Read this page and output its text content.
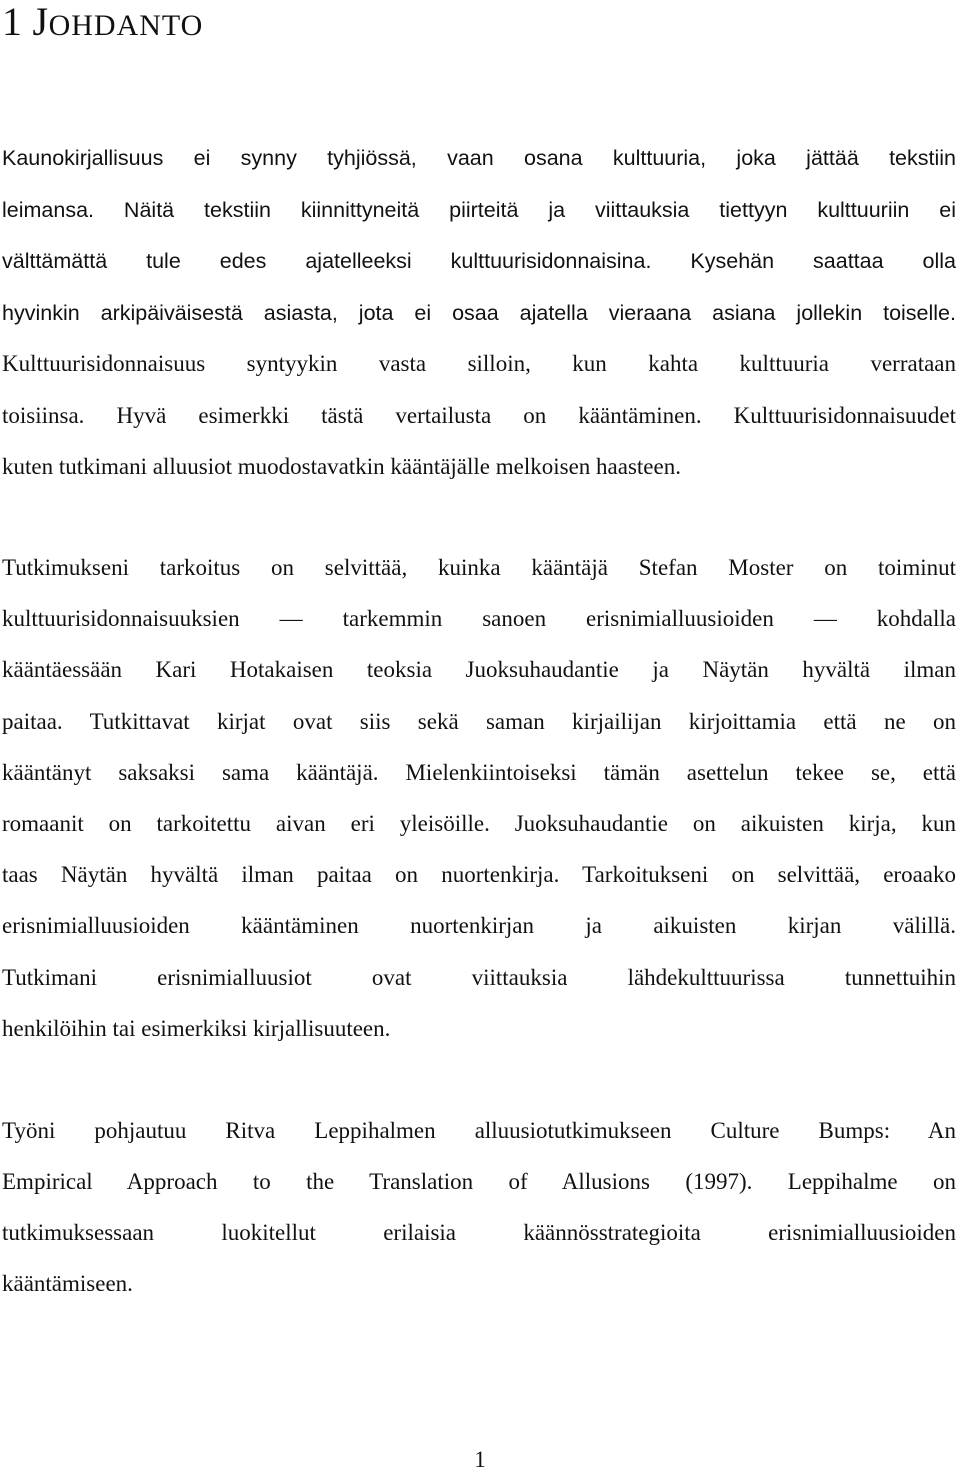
1 JOHDANTO
Kaunokirjallisuus ei synny tyhjiössä, vaan osana kulttuuria, joka jättää tekstiin
leimansa. Näitä tekstiin kiinnittyneitä piirteitä ja viittauksia tiettyyn kulttuuriin ei
välttämättä tule edes ajatelleeksi kulttuurisidonnaisina. Kysehän saattaa olla
hyvinkin arkipäiväisestä asiasta, jota ei osaa ajatella vieraana asiana jollekin toiselle.
Kulttuurisidonnaisuus syntyykin vasta silloin, kun kahta kulttuuria verrataan
toisiinsa. Hyvä esimerkki tästä vertailusta on kääntäminen. Kulttuurisidonnaisuudet
kuten tutkimani alluusiot muodostavatkin kääntäjälle melkoisen haasteen.
Tutkimukseni tarkoitus on selvittää, kuinka kääntäjä Stefan Moster on toiminut
kulttuurisidonnaisuuksien — tarkemmin sanoen erisnimialluusioiden — kohdalla
kääntäessään Kari Hotakaisen teoksia Juoksuhaudantie ja Näytän hyvältä ilman
paitaa. Tutkittavat kirjat ovat siis sekä saman kirjailijan kirjoittamia että ne on
kääntänyt saksaksi sama kääntäjä. Mielenkiintoiseksi tämän asettelun tekee se, että
romaanit on tarkoitettu aivan eri yleisöille. Juoksuhaudantie on aikuisten kirja, kun
taas Näytän hyvältä ilman paitaa on nuortenkirja. Tarkoitukseni on selvittää, eroaako
erisnimialluusioiden kääntäminen nuortenkirjan ja aikuisten kirjan välillä.
Tutkimani erisnimialluusiot ovat viittauksia lähdekulttuurissa tunnettuihin
henkilöihin tai esimerkiksi kirjallisuuteen.
Työni pohjautuu Ritva Leppihalmen alluusiotutkimukseen Culture Bumps: An
Empirical Approach to the Translation of Allusions (1997). Leppihalme on
tutkimuksessaan luokitellut erilaisia käännösstrategioita erisnimialluusioiden
kääntämiseen.

1
